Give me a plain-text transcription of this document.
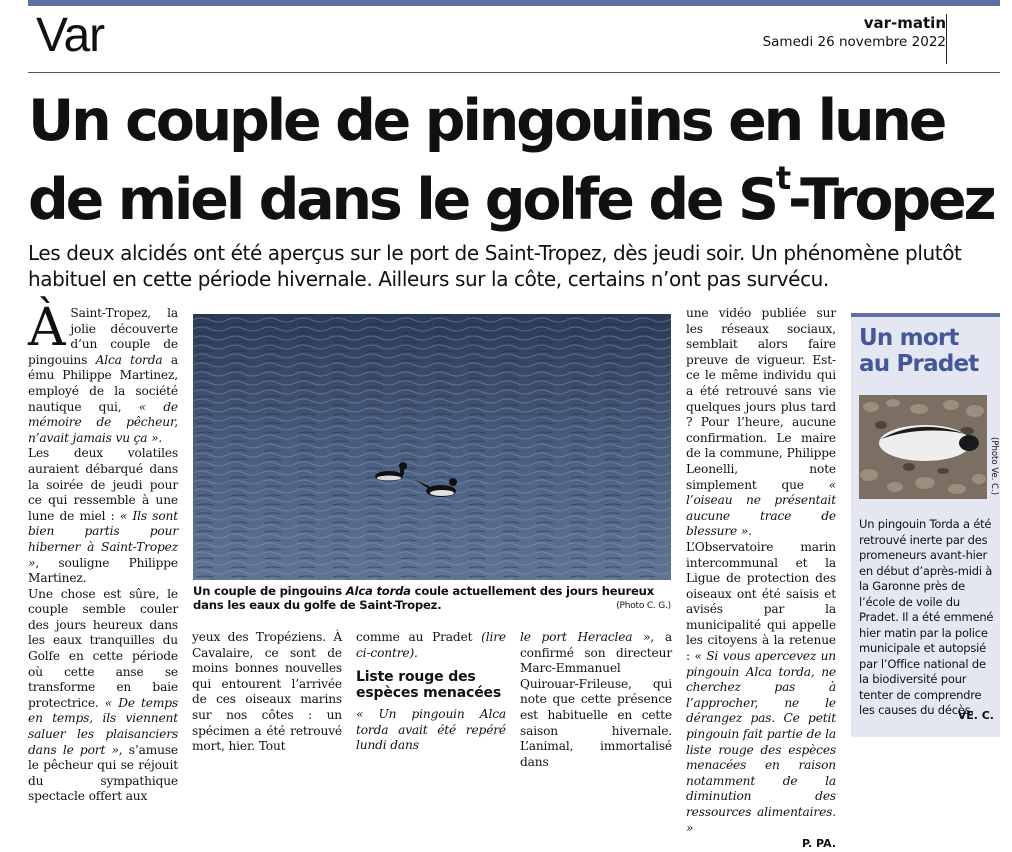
Var	var-matin
Samedi 26 novembre 2022
Un couple de pingouins en lune
de miel dans le golfe de $S^t$-Tropez
Les deux alcidés ont été aperçus sur le port de Saint-Tropez, dès jeudi soir. Un phénomène plutôt habituel en cette période hivernale. Ailleurs sur la côte, certains n’ont pas survécu.

À Saint-Tropez, la jolie découverte d’un couple de pingouins Alca torda a ému Philippe Martinez, employé de la société nautique qui, « de mémoire de pêcheur, n’avait jamais vu ça ».

Les deux volatiles auraient débarqué dans la soirée de jeudi pour ce qui ressemble à une lune de miel : « Ils sont bien partis pour hiberner à Saint-Tropez », souligne Philippe Martinez.

Une chose est sûre, le couple semble couler des jours heureux dans les eaux tranquilles du Golfe en cette période où cette anse se transforme en baie protectrice. « De temps en temps, ils viennent saluer les plaisanciers dans le port », s’amuse le pêcheur qui se réjouit du sympathique spectacle offert aux

Un couple de pingouins Alca torda coule actuellement des jours heureux dans les eaux du golfe de Saint-Tropez.	(Photo C. G.)

yeux des Tropéziens. À Cavalaire, ce sont de moins bonnes nouvelles qui entourent l’arrivée de ces oiseaux marins sur nos côtes : un spécimen a été retrouvé mort, hier. Tout

comme au Pradet (lire ci-contre).

Liste rouge des espèces menacées

« Un pingouin Alca torda avait été repéré lundi dans

le port Heraclea », a confirmé son directeur Marc-Emmanuel Quirouar-Frileuse, qui note que cette présence est habituelle en cette saison hivernale. L’animal, immortalisé dans

une vidéo publiée sur les réseaux sociaux, semblait alors faire preuve de vigueur. Est-ce le même individu qui a été retrouvé sans vie quelques jours plus tard ? Pour l’heure, aucune confirmation. Le maire de la commune, Philippe Leonelli, note simplement que « l’oiseau ne présentait aucune trace de blessure ».

L’Observatoire marin intercommunal et la Ligue de protection des oiseaux ont été saisis et avisés par la municipalité qui appelle les citoyens à la retenue : « Si vous apercevez un pingouin Alca torda, ne cherchez pas à l’approcher, ne le dérangez pas. Ce petit pingouin fait partie de la liste rouge des espèces menacées en raison notamment de la diminution des ressources alimentaires. »

P. PA.

Un mort
au Pradet
(Photo Ve. C.)
Un pingouin Torda a été retrouvé inerte par des promeneurs avant-hier en début d’après-midi à la Garonne près de l’école de voile du Pradet. Il a été emmené hier matin par la police municipale et autopsié par l’Office national de la biodiversité pour tenter de comprendre les causes du décès.
VE. C.
